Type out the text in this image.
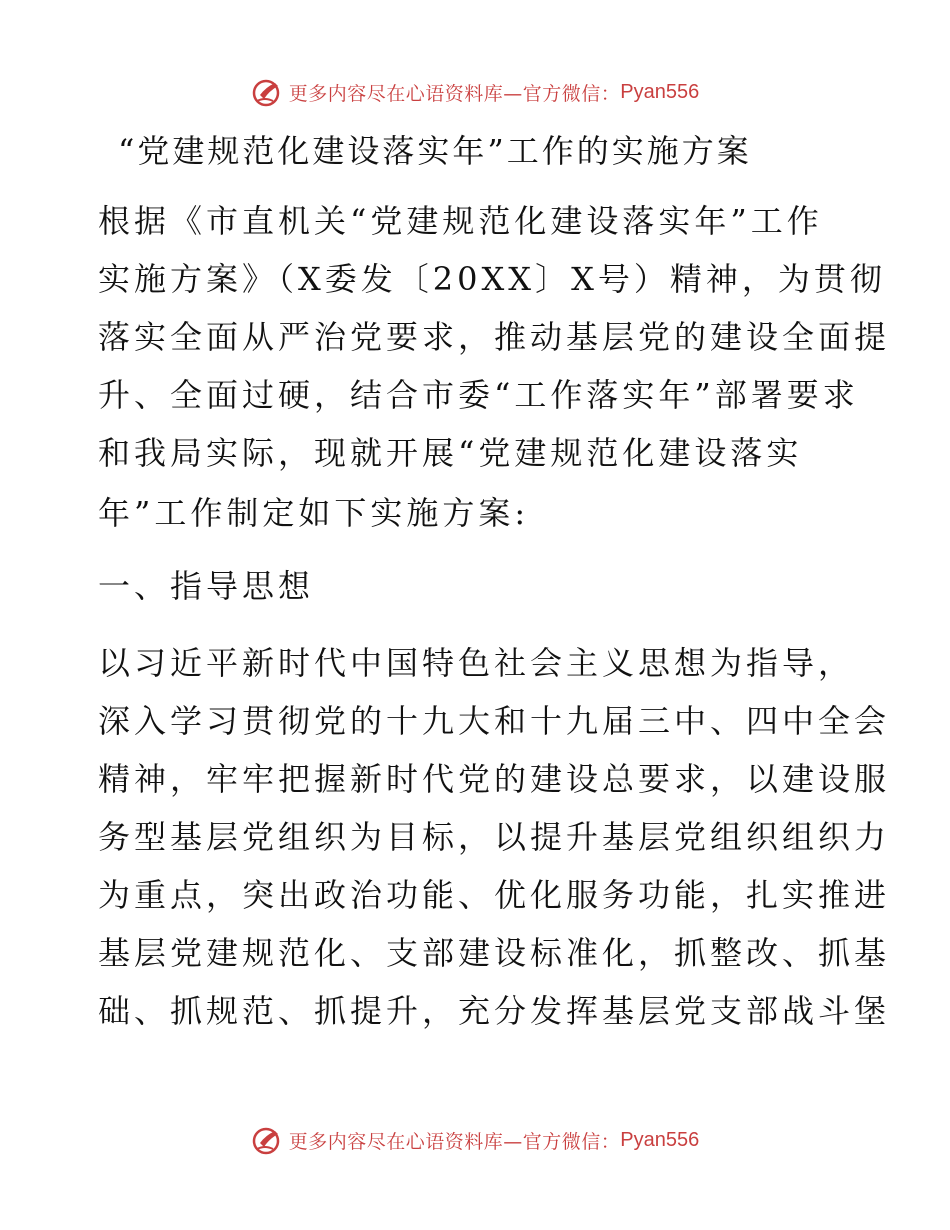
更多内容尽在心语资料库—官方微信： Pyan556
“党建规范化建设落实年”工作的实施方案
根据《市直机关“党建规范化建设落实年”工作
实施方案》（X委发〔20XX〕X号）精神，为贯彻
落实全面从严治党要求，推动基层党的建设全面提
升、全面过硬，结合市委“工作落实年”部署要求
和我局实际，现就开展“党建规范化建设落实
年”工作制定如下实施方案:
一、指导思想
以习近平新时代中国特色社会主义思想为指导，
深入学习贯彻党的十九大和十九届三中、四中全会
精神，牢牢把握新时代党的建设总要求，以建设服
务型基层党组织为目标，以提升基层党组织组织力
为重点，突出政治功能、优化服务功能，扎实推进
基层党建规范化、支部建设标准化，抓整改、抓基
础、抓规范、抓提升，充分发挥基层党支部战斗堡
更多内容尽在心语资料库—官方微信： Pyan556
